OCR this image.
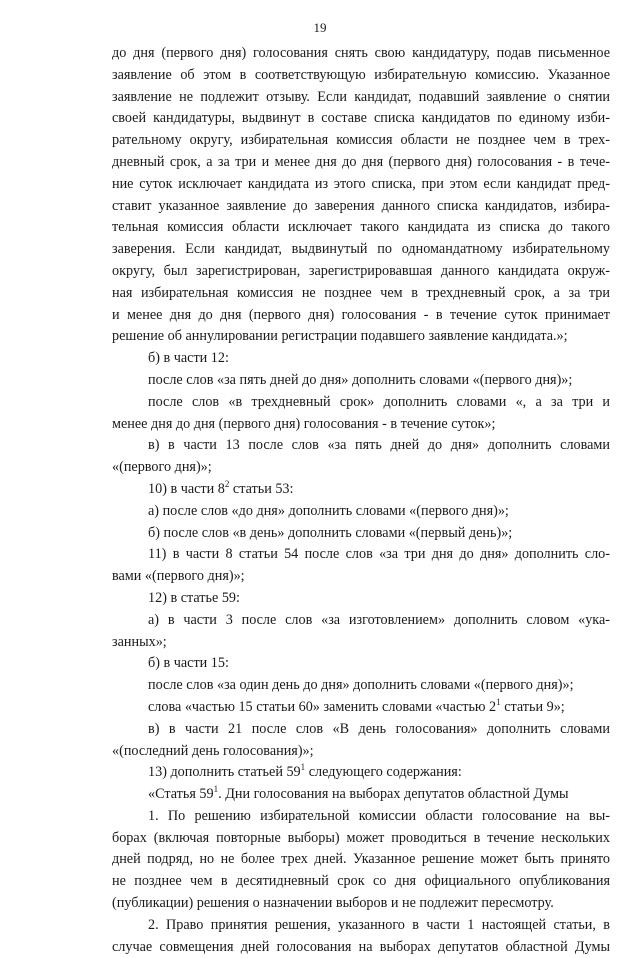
19
до дня (первого дня) голосования снять свою кандидатуру, подав письменное
заявление об этом в соответствующую избирательную комиссию. Указанное
заявление не подлежит отзыву. Если кандидат, подавший заявление о снятии
своей кандидатуры, выдвинут в составе списка кандидатов по единому изби-
рательному округу, избирательная комиссия области не позднее чем в трех-
дневный срок, а за три и менее дня до дня (первого дня) голосования - в тече-
ние суток исключает кандидата из этого списка, при этом если кандидат пред-
ставит указанное заявление до заверения данного списка кандидатов, избира-
тельная комиссия области исключает такого кандидата из списка до такого
заверения. Если кандидат, выдвинутый по одномандатному избирательному
округу, был зарегистрирован, зарегистрировавшая данного кандидата окруж-
ная избирательная комиссия не позднее чем в трехдневный срок, а за три
и менее дня до дня (первого дня) голосования - в течение суток принимает
решение об аннулировании регистрации подавшего заявление кандидата.»;
б) в части 12:
после слов «за пять дней до дня» дополнить словами «(первого дня)»;
после слов «в трехдневный срок» дополнить словами «, а за три и
менее дня до дня (первого дня) голосования - в течение суток»;
в) в части 13 после слов «за пять дней до дня» дополнить словами
«(первого дня)»;
10) в части $8^2$ статьи 53:
а) после слов «до дня» дополнить словами «(первого дня)»;
б) после слов «в день» дополнить словами «(первый день)»;
11) в части 8 статьи 54 после слов «за три дня до дня» дополнить сло-
вами «(первого дня)»;
12) в статье 59:
а) в части 3 после слов «за изготовлением» дополнить словом «ука-
занных»;
б) в части 15:
после слов «за один день до дня» дополнить словами «(первого дня)»;
слова «частью 15 статьи 60» заменить словами «частью $2^1$ статьи 9»;
в) в части 21 после слов «В день голосования» дополнить словами
«(последний день голосования)»;
13) дополнить статьей $59^1$ следующего содержания:
«Статья $59^1$. Дни голосования на выборах депутатов областной Думы
1. По решению избирательной комиссии области голосование на вы-
борах (включая повторные выборы) может проводиться в течение нескольких
дней подряд, но не более трех дней. Указанное решение может быть принято
не позднее чем в десятидневный срок со дня официального опубликования
(публикации) решения о назначении выборов и не подлежит пересмотру.
2. Право принятия решения, указанного в части 1 настоящей статьи, в
случае совмещения дней голосования на выборах депутатов областной Думы
